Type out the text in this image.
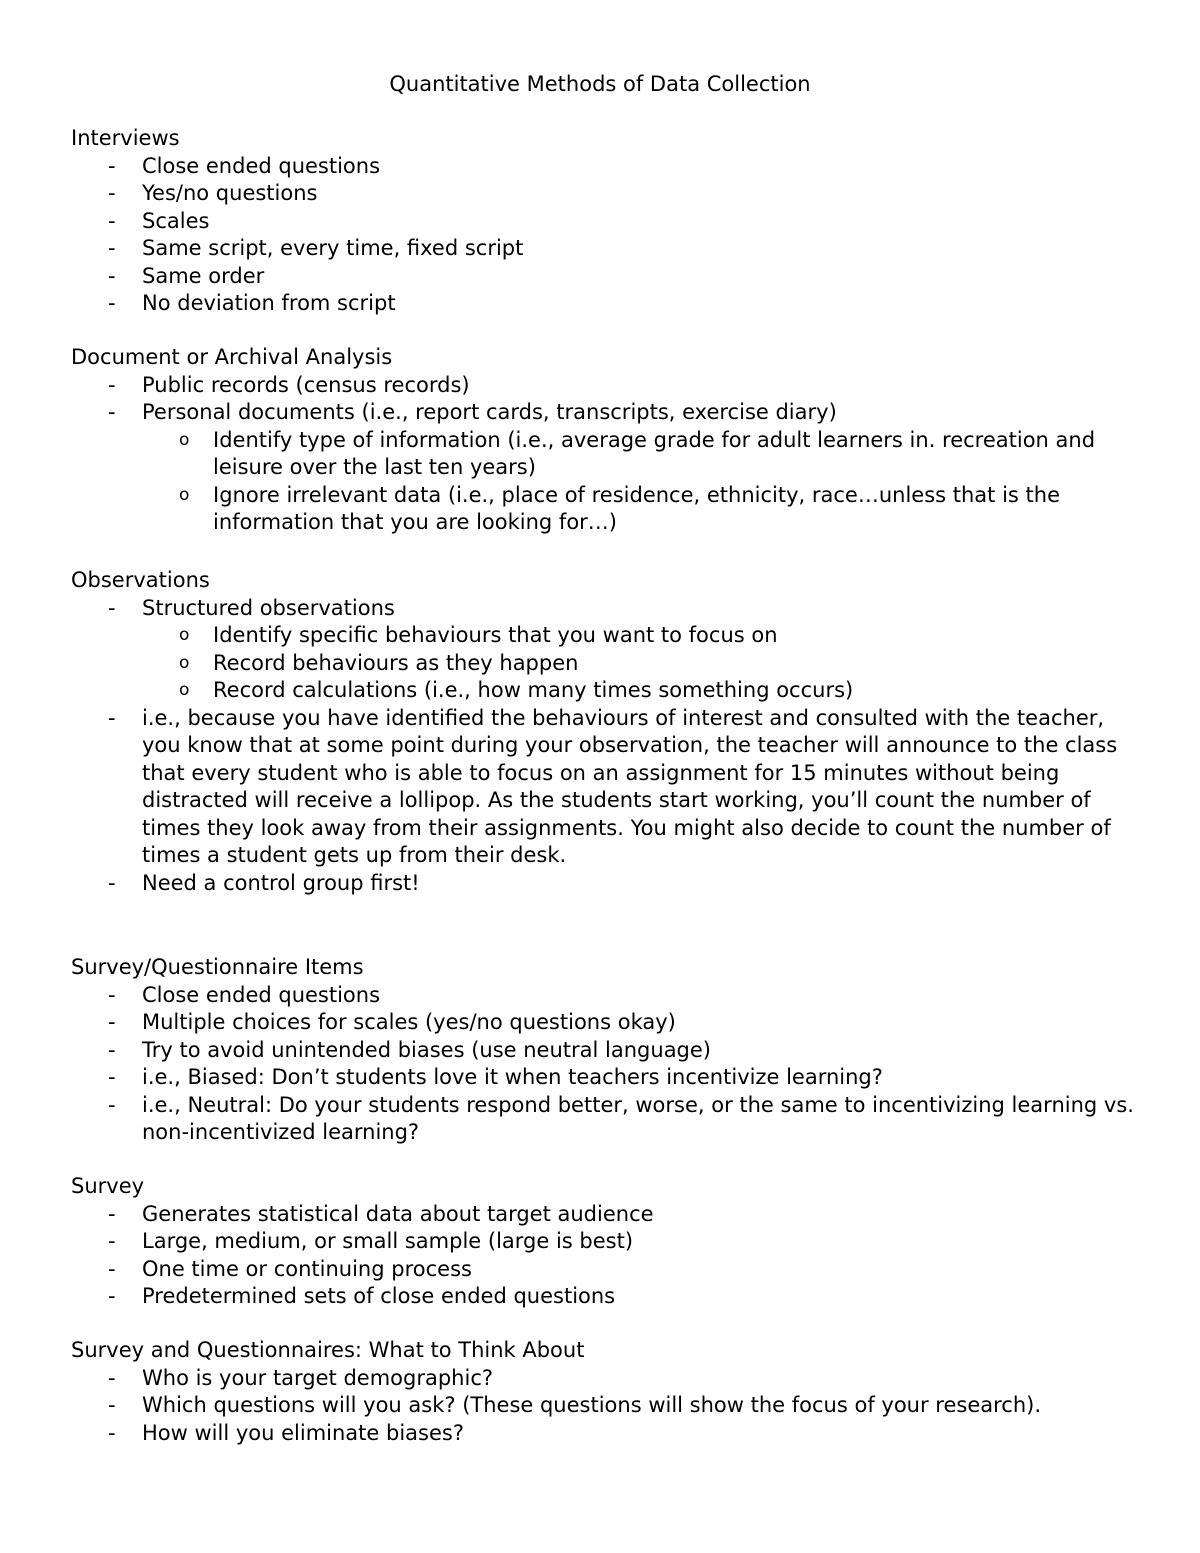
Quantitative Methods of Data Collection
Interviews
- Close ended questions
- Yes/no questions
- Scales
- Same script, every time, fixed script
- Same order
- No deviation from script
Document or Archival Analysis
- Public records (census records)
- Personal documents (i.e., report cards, transcripts, exercise diary)
o Identify type of information (i.e., average grade for adult learners in. recreation and leisure over the last ten years)
o Ignore irrelevant data (i.e., place of residence, ethnicity, race…unless that is the information that you are looking for…)
Observations
- Structured observations
o Identify specific behaviours that you want to focus on
o Record behaviours as they happen
o Record calculations (i.e., how many times something occurs)
- i.e., because you have identified the behaviours of interest and consulted with the teacher, you know that at some point during your observation, the teacher will announce to the class that every student who is able to focus on an assignment for 15 minutes without being distracted will receive a lollipop. As the students start working, you’ll count the number of times they look away from their assignments. You might also decide to count the number of times a student gets up from their desk.
- Need a control group first!
Survey/Questionnaire Items
- Close ended questions
- Multiple choices for scales (yes/no questions okay)
- Try to avoid unintended biases (use neutral language)
- i.e., Biased: Don’t students love it when teachers incentivize learning?
- i.e., Neutral: Do your students respond better, worse, or the same to incentivizing learning vs. non-incentivized learning?
Survey
- Generates statistical data about target audience
- Large, medium, or small sample (large is best)
- One time or continuing process
- Predetermined sets of close ended questions
Survey and Questionnaires: What to Think About
- Who is your target demographic?
- Which questions will you ask? (These questions will show the focus of your research).
- How will you eliminate biases?
